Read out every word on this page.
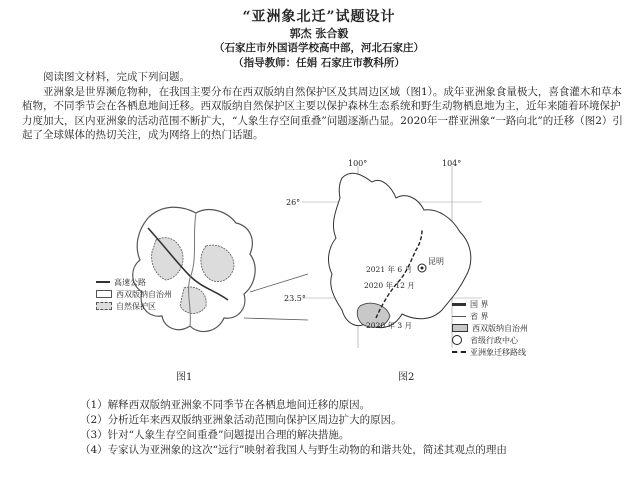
“亚洲象北迁”试题设计
郭杰 张合毅
（石家庄市外国语学校高中部，河北石家庄）
（指导教师：任娟 石家庄市教科所）

阅读图文材料，完成下列问题。

亚洲象是世界濒危物种，在我国主要分布在西双版纳自然保护区及其周边区域（图1）。成年亚洲象食量极大，喜食灌木和草本植物，不同季节会在各栖息地间迁移。西双版纳自然保护区主要以保护森林生态系统和野生动物栖息地为主，近年来随着环境保护力度加大，区内亚洲象的活动范围不断扩大，“人象生存空间重叠”问题逐渐凸显。2020年一群亚洲象“一路向北”的迁移（图2）引起了全球媒体的热切关注，成为网络上的热门话题。

高速公路
西双版纳自治州
自然保护区
图1
100°	104°
26°
23.5°
昆明
2021 年 6 月
2020 年 12 月
2020 年 3 月
国 界
省 界
西双版纳自治州
省级行政中心
亚洲象迁移路线
图2
（1）解释西双版纳亚洲象不同季节在各栖息地间迁移的原因。
（2）分析近年来西双版纳亚洲象活动范围向保护区周边扩大的原因。
（3）针对“人象生存空间重叠”问题提出合理的解决措施。
（4）专家认为亚洲象的这次“远行”映射着我国人与野生动物的和谐共处，简述其观点的理由
